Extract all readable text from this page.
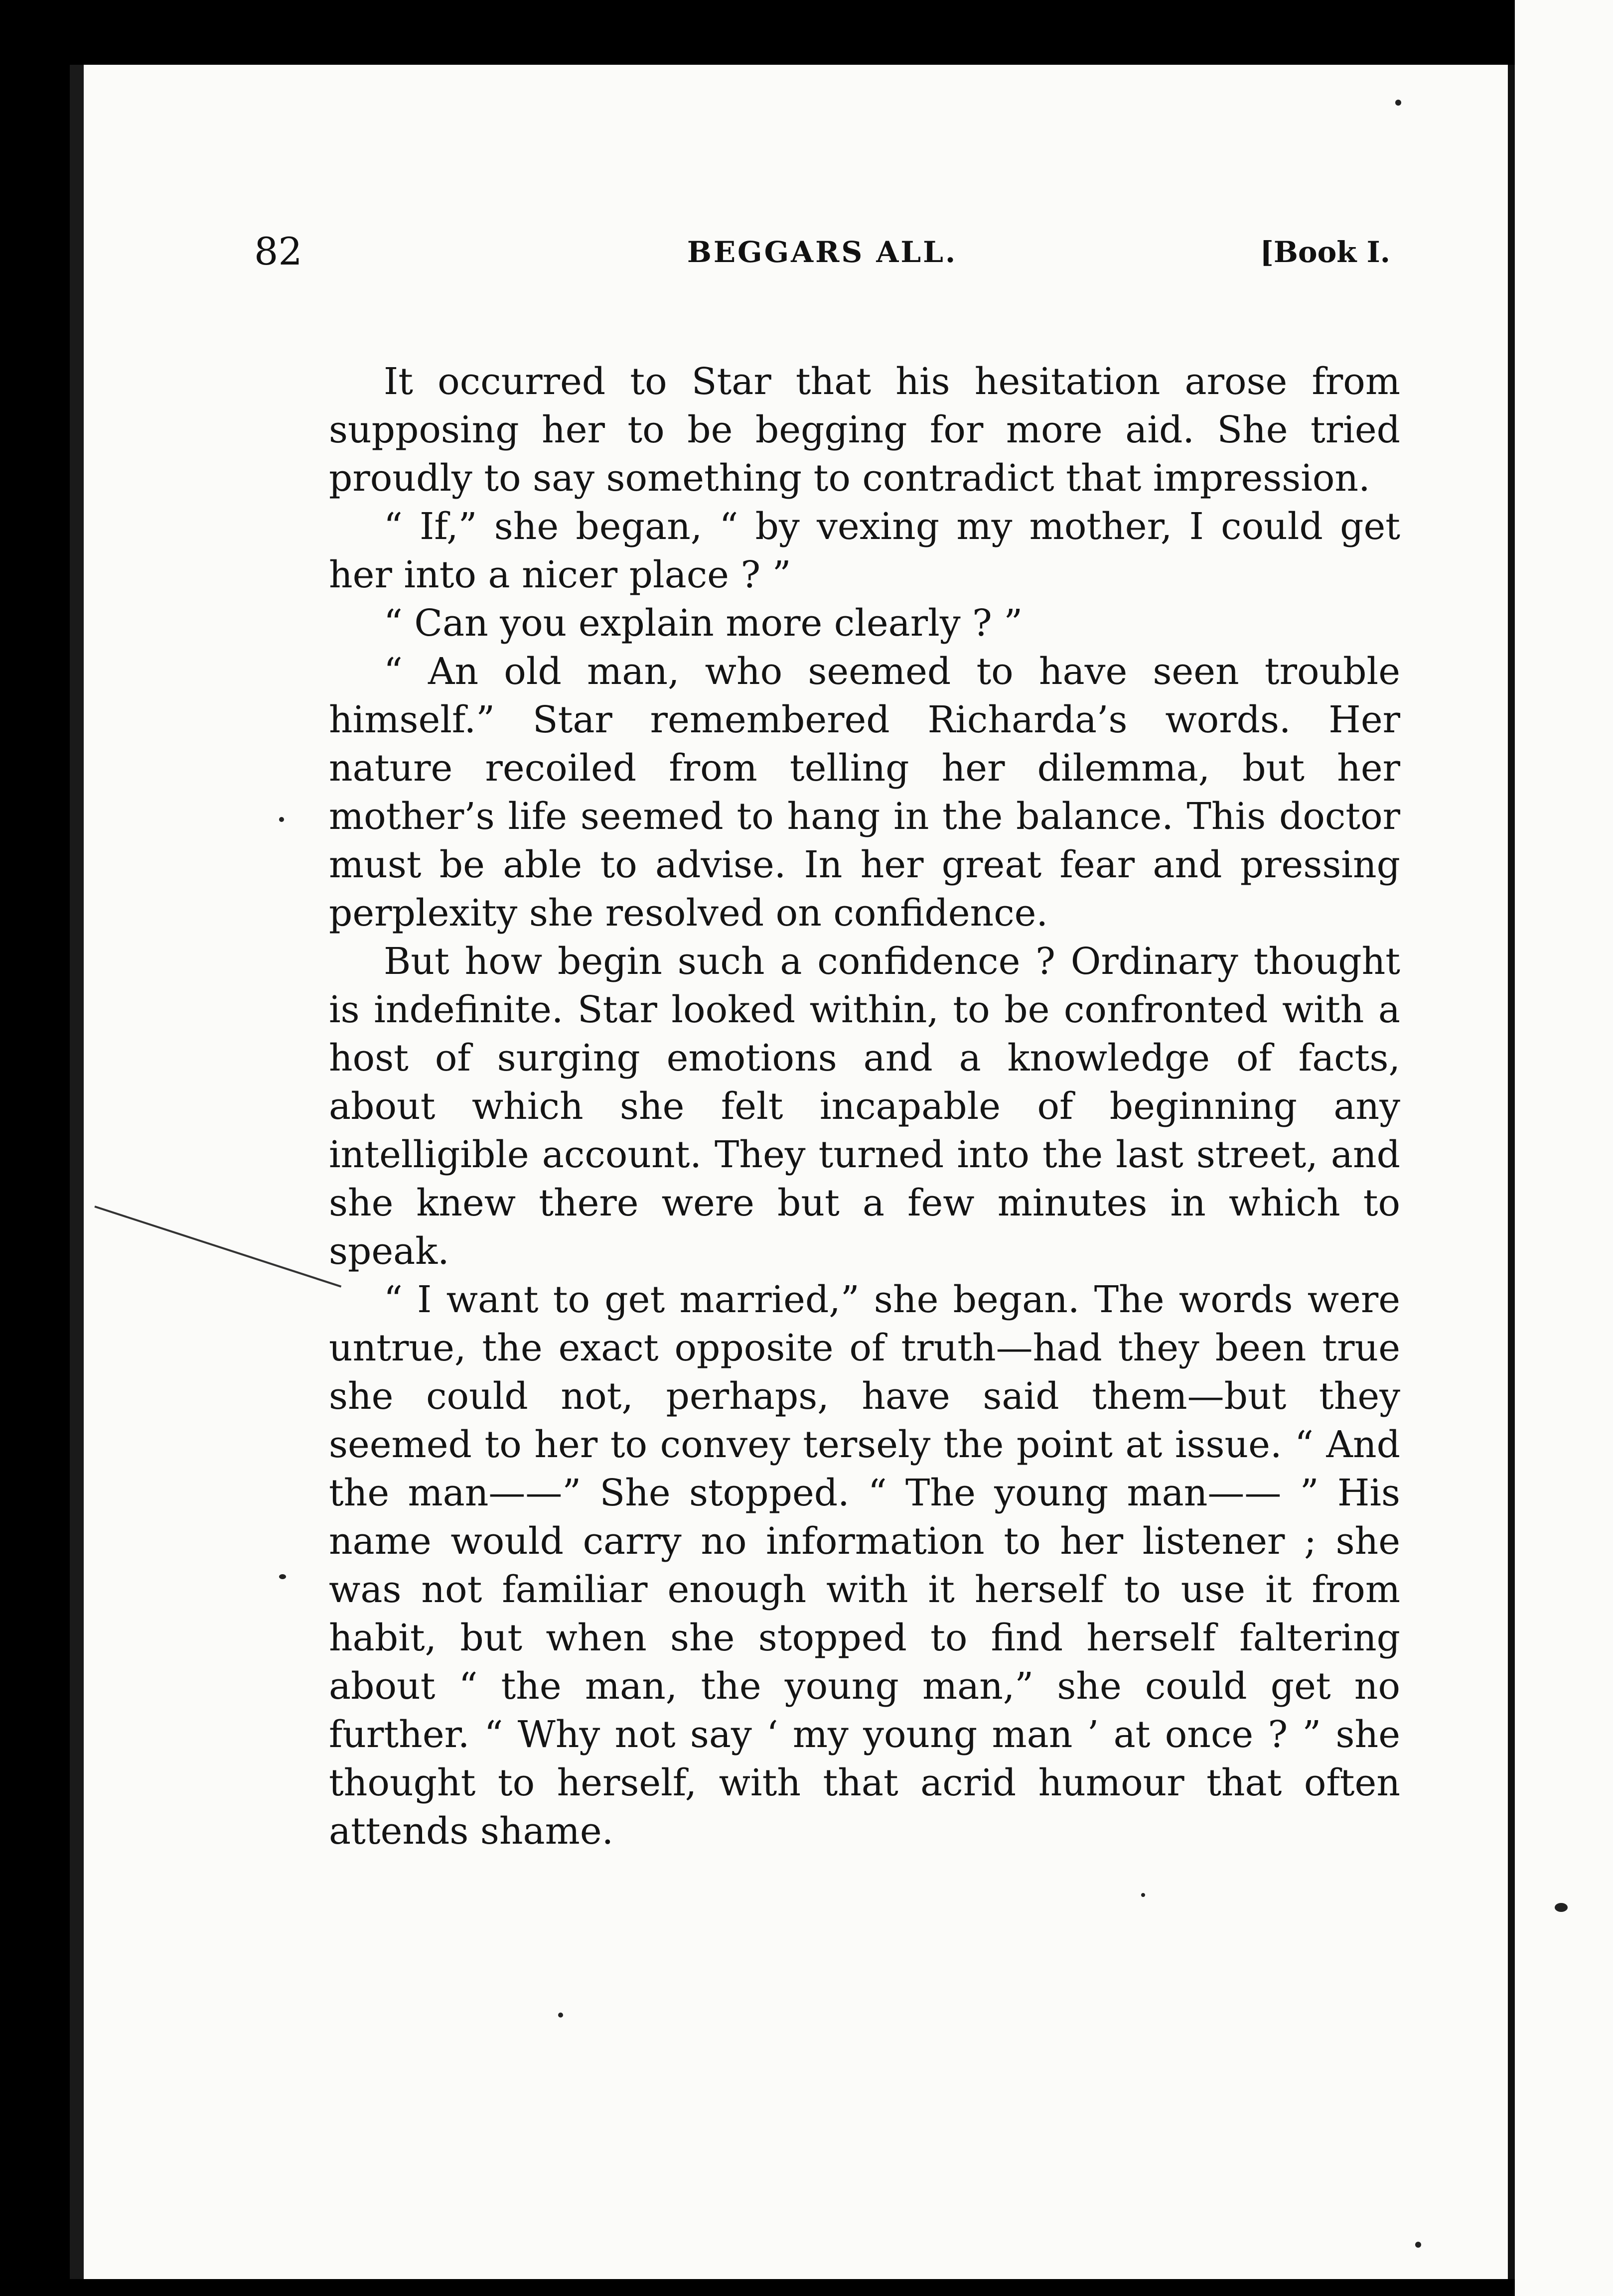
82	BEGGARS ALL.	[Book I.

It occurred to Star that his hesitation arose from supposing her to be begging for more aid. She tried proudly to say something to contradict that impression.

“ If,” she began, “ by vexing my mother, I could get her into a nicer place ? ”

“ Can you explain more clearly ? ”

“ An old man, who seemed to have seen trouble himself.” Star remembered Richarda’s words. Her nature recoiled from telling her dilemma, but her mother’s life seemed to hang in the balance. This doctor must be able to advise. In her great fear and pressing perplexity she resolved on confidence.

But how begin such a confidence ? Ordinary thought is indefinite. Star looked within, to be confronted with a host of surging emotions and a knowledge of facts, about which she felt incapable of beginning any intelligible account. They turned into the last street, and she knew there were but a few minutes in which to speak.

“ I want to get married,” she began. The words were untrue, the exact opposite of truth—had they been true she could not, perhaps, have said them—but they seemed to her to convey tersely the point at issue. “ And the man——” She stopped. “ The young man—— ” His name would carry no information to her listener ; she was not familiar enough with it herself to use it from habit, but when she stopped to find herself faltering about “ the man, the young man,” she could get no further. “ Why not say ‘ my young man ’ at once ? ” she thought to herself, with that acrid humour that often attends shame.
